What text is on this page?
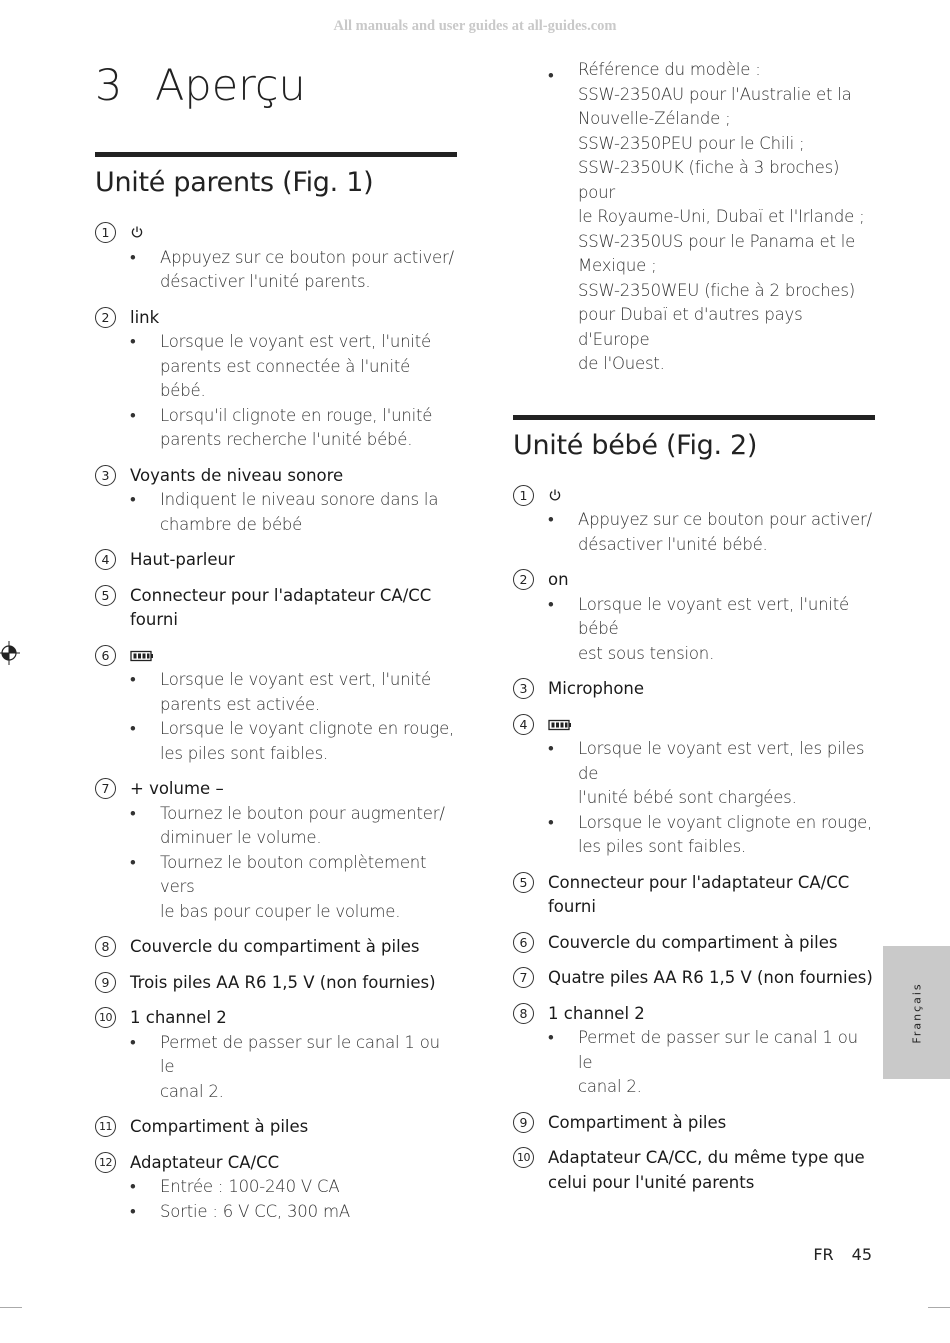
All manuals and user guides at all-guides.com
3 Aperçu
Unité parents (Fig. 1)
1
• Appuyez sur ce bouton pour activer/
désactiver l'unité parents.
2	link
• Lorsque le voyant est vert, l'unité
parents est connectée à l'unité bébé.
• Lorsqu'il clignote en rouge, l'unité
parents recherche l'unité bébé.
3	Voyants de niveau sonore
• Indiquent le niveau sonore dans la
chambre de bébé
4	Haut-parleur
5	Connecteur pour l'adaptateur CA/CC
fourni
6
• Lorsque le voyant est vert, l'unité
parents est activée.
• Lorsque le voyant clignote en rouge,
les piles sont faibles.
7	+ volume –
• Tournez le bouton pour augmenter/
diminuer le volume.
• Tournez le bouton complètement vers
le bas pour couper le volume.
8	Couvercle du compartiment à piles
9	Trois piles AA R6 1,5 V (non fournies)
10 1 channel 2
• Permet de passer sur le canal 1 ou le
canal 2.
11 Compartiment à piles
12 Adaptateur CA/CC
• Entrée : 100-240 V CA
• Sortie : 6 V CC, 300 mA
• Référence du modèle :
SSW-2350AU pour l'Australie et la
Nouvelle-Zélande ;
SSW-2350PEU pour le Chili ;
SSW-2350UK (fiche à 3 broches) pour
le Royaume-Uni, Dubaï et l'Irlande ;
SSW-2350US pour le Panama et le
Mexique ;
SSW-2350WEU (fiche à 2 broches)
pour Dubaï et d'autres pays d'Europe
de l'Ouest.
Unité bébé (Fig. 2)
1
• Appuyez sur ce bouton pour activer/
désactiver l'unité bébé.
2	on
• Lorsque le voyant est vert, l'unité bébé
est sous tension.
3	Microphone
4
• Lorsque le voyant est vert, les piles de
l'unité bébé sont chargées.
• Lorsque le voyant clignote en rouge,
les piles sont faibles.
5	Connecteur pour l'adaptateur CA/CC
fourni
6	Couvercle du compartiment à piles
7	Quatre piles AA R6 1,5 V (non fournies)
8	1 channel 2
• Permet de passer sur le canal 1 ou le
canal 2.
9	Compartiment à piles
10 Adaptateur CA/CC, du même type que
celui pour l'unité parents
Français
FR 45
